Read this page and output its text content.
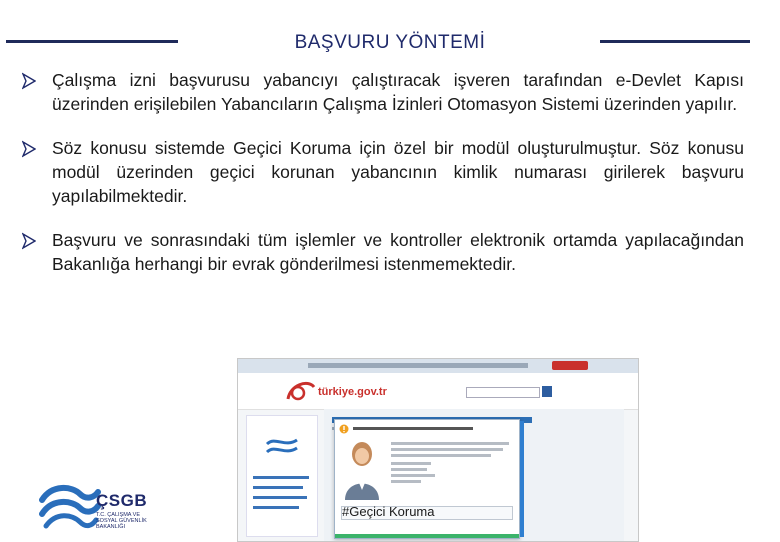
BAŞVURU YÖNTEMİ

Çalışma izni başvurusu yabancıyı çalıştıracak işveren tarafından e-Devlet Kapısı üzerinden erişilebilen Yabancıların Çalışma İzinleri Otomasyon Sistemi üzerinden yapılır.

Söz konusu sistemde Geçici Koruma için özel bir modül oluşturulmuştur. Söz konusu modül üzerinden geçici korunan yabancının kimlik numarası girilerek başvuru yapılabilmektedir.

Başvuru ve sonrasındaki tüm işlemler ve kontroller elektronik ortamda yapılacağından Bakanlığa herhangi bir evrak gönderilmesi istenmemektedir.

türkiye.gov.tr
#Geçici Koruma
ÇSGB
T.C. ÇALIŞMA VE SOSYAL GÜVENLİK BAKANLIĞI
